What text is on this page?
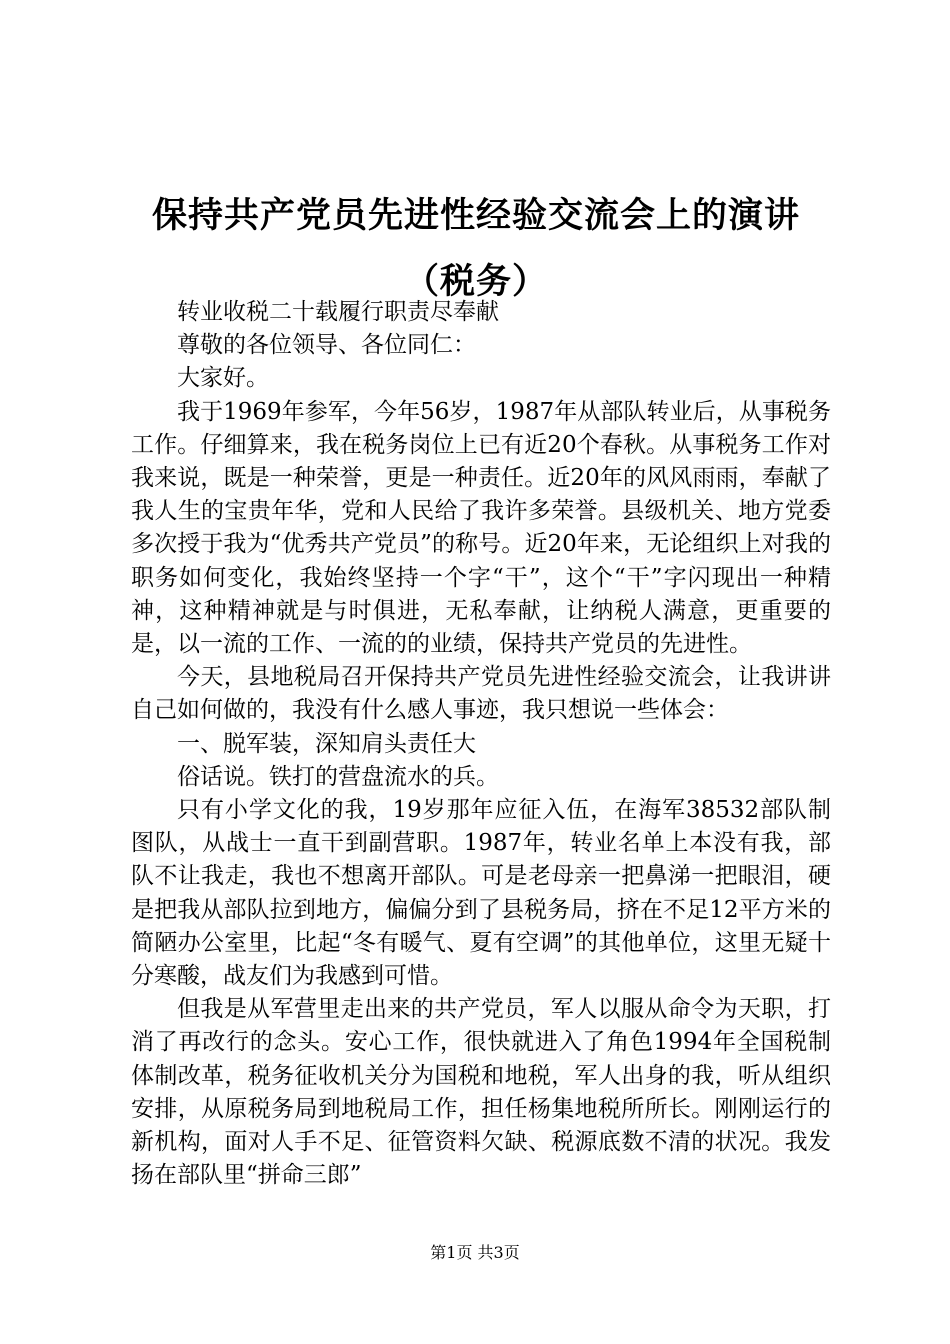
保持共产党员先进性经验交流会上的演讲（税务）

转业收税二十载履行职责尽奉献

尊敬的各位领导、各位同仁：

大家好。

我于1969年参军，今年56岁，1987年从部队转业后，从事税务工作。仔细算来，我在税务岗位上已有近20个春秋。从事税务工作对我来说，既是一种荣誉，更是一种责任。近20年的风风雨雨，奉献了我人生的宝贵年华，党和人民给了我许多荣誉。县级机关、地方党委多次授于我为“优秀共产党员”的称号。近20年来，无论组织上对我的职务如何变化，我始终坚持一个字“干”，这个“干”字闪现出一种精神，这种精神就是与时俱进，无私奉献，让纳税人满意，更重要的是，以一流的工作、一流的的业绩，保持共产党员的先进性。

今天，县地税局召开保持共产党员先进性经验交流会，让我讲讲自己如何做的，我没有什么感人事迹，我只想说一些体会：

一、脱军装，深知肩头责任大

俗话说。铁打的营盘流水的兵。

只有小学文化的我，19岁那年应征入伍，在海军38532部队制图队，从战士一直干到副营职。1987年，转业名单上本没有我，部队不让我走，我也不想离开部队。可是老母亲一把鼻涕一把眼泪，硬是把我从部队拉到地方，偏偏分到了县税务局，挤在不足12平方米的简陋办公室里，比起“冬有暖气、夏有空调”的其他单位，这里无疑十分寒酸，战友们为我感到可惜。

但我是从军营里走出来的共产党员，军人以服从命令为天职，打消了再改行的念头。安心工作，很快就进入了角色1994年全国税制体制改革，税务征收机关分为国税和地税，军人出身的我，听从组织安排，从原税务局到地税局工作，担任杨集地税所所长。刚刚运行的新机构，面对人手不足、征管资料欠缺、税源底数不清的状况。我发扬在部队里“拼命三郎”

第1页 共3页
